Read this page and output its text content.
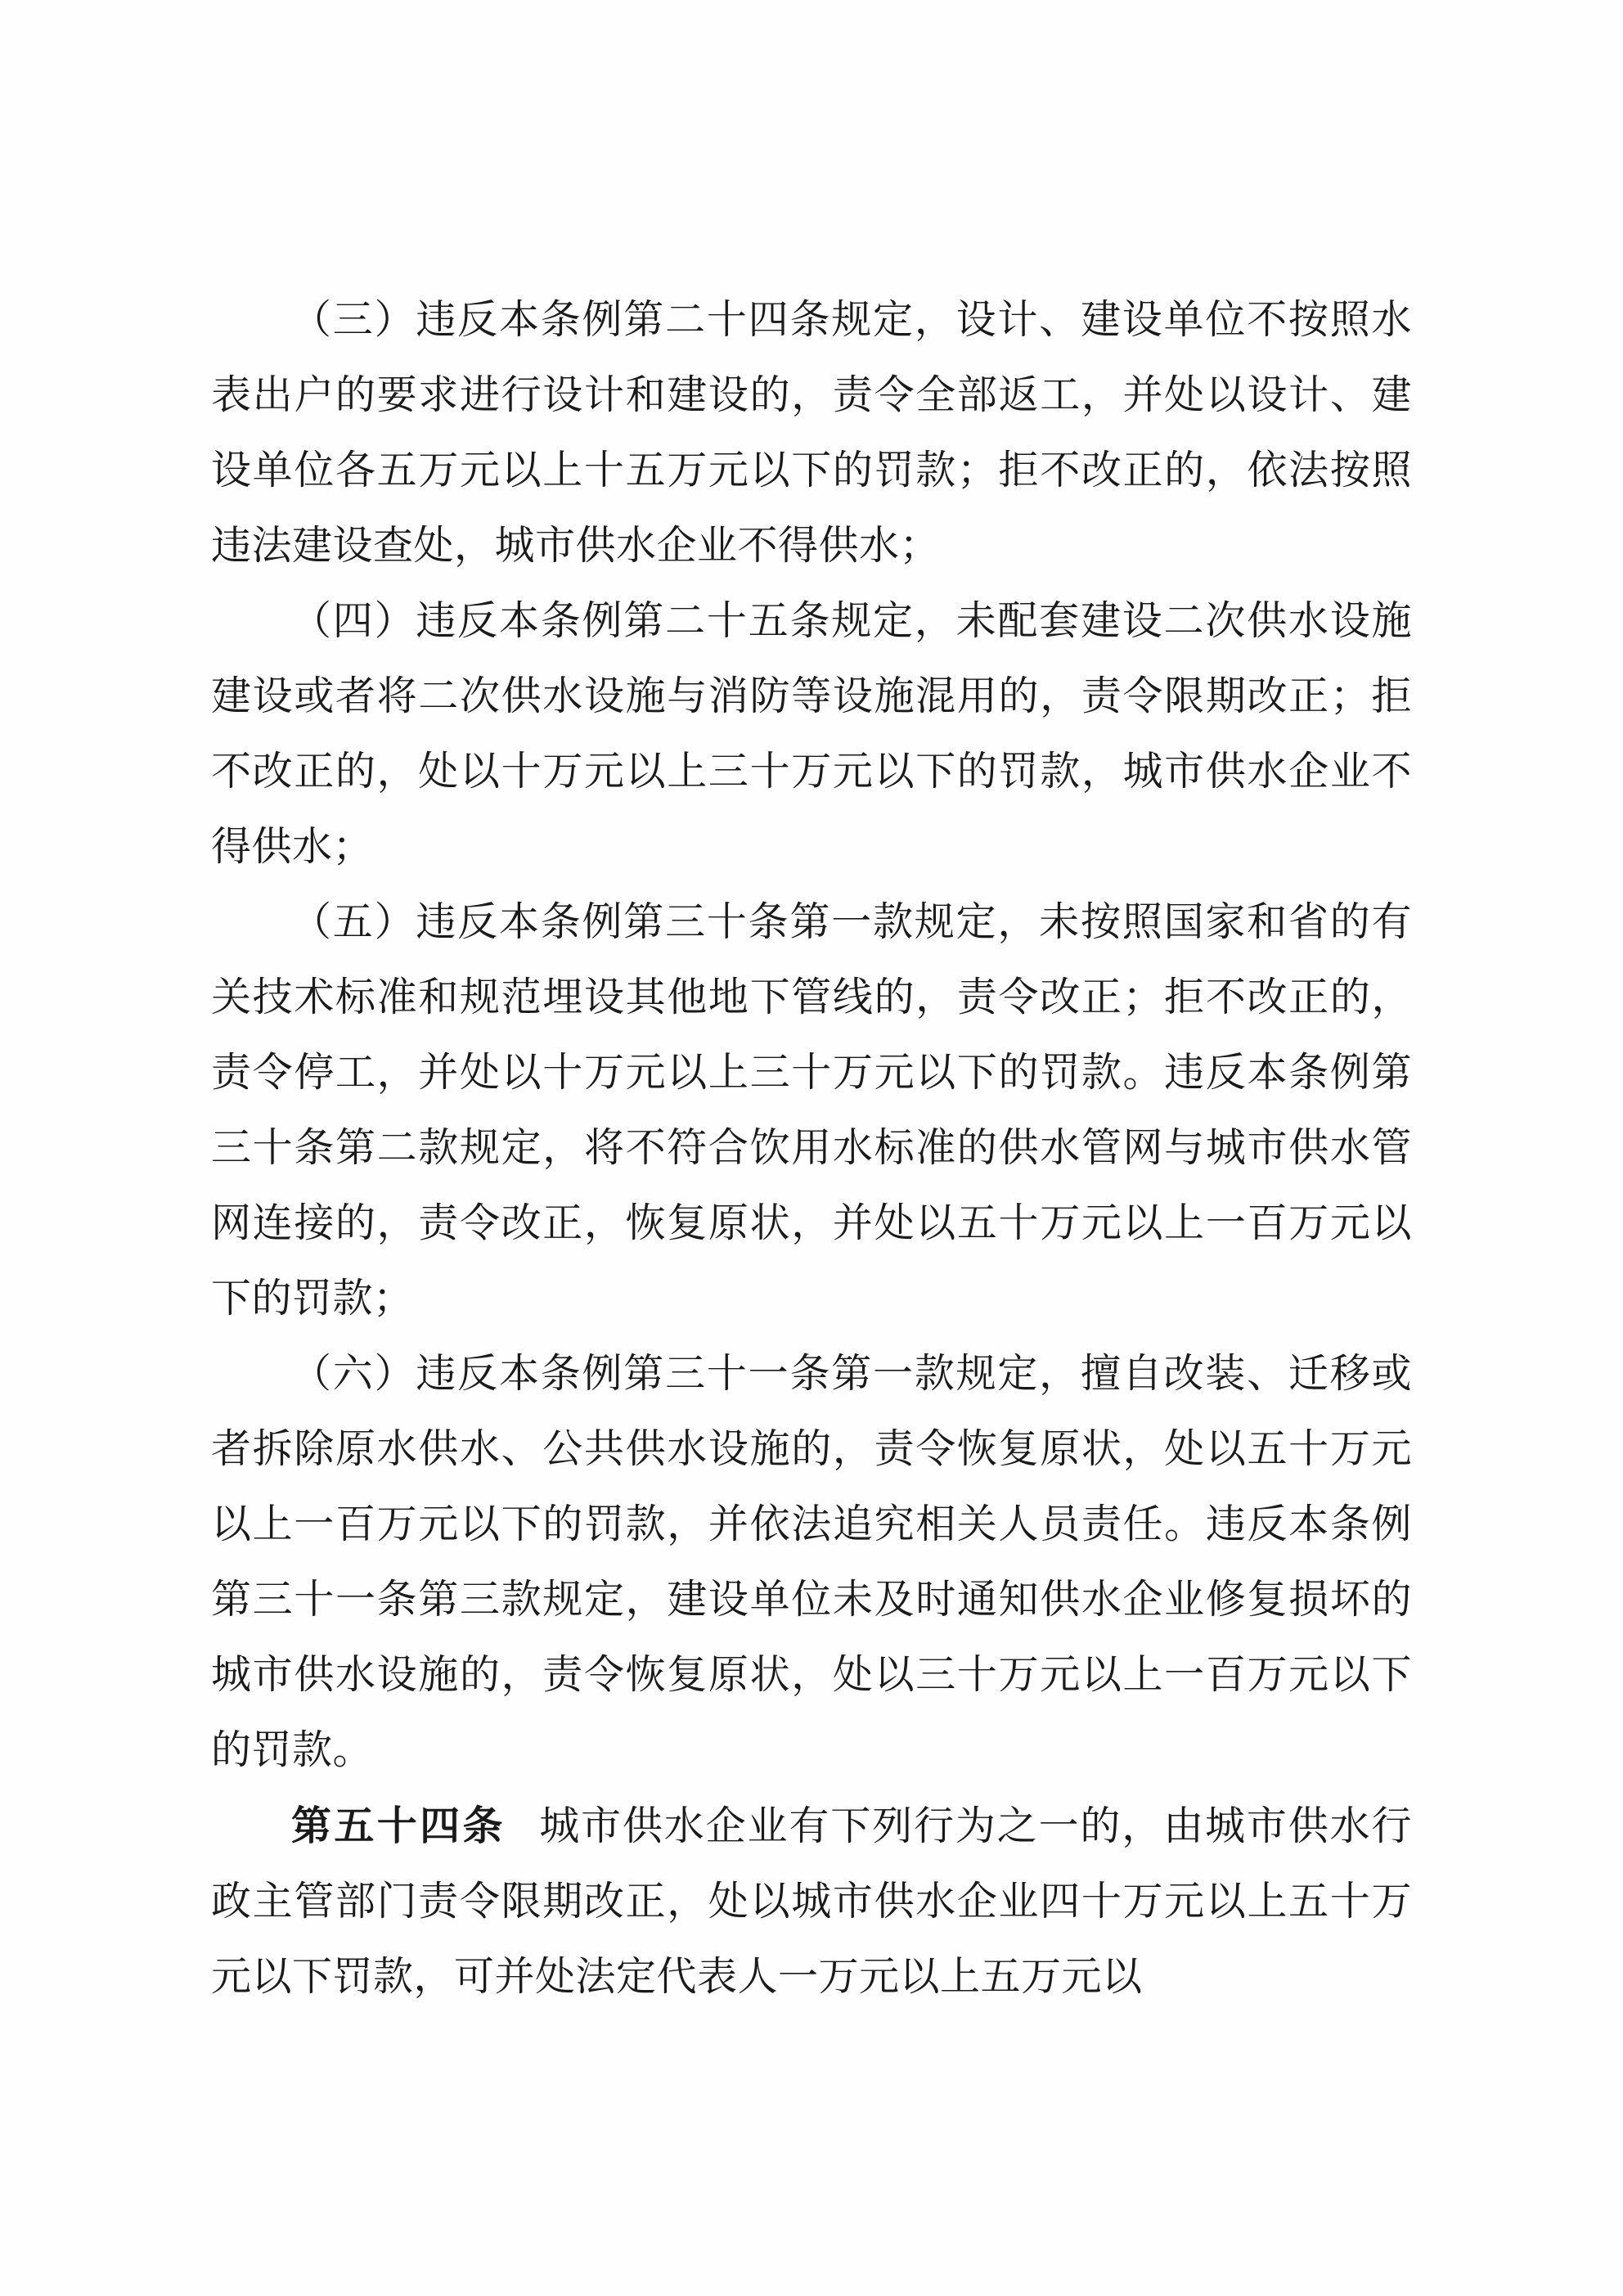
（三）违反本条例第二十四条规定，设计、建设单位不按照水表出户的要求进行设计和建设的，责令全部返工，并处以设计、建设单位各五万元以上十五万元以下的罚款；拒不改正的，依法按照违法建设查处，城市供水企业不得供水；

（四）违反本条例第二十五条规定，未配套建设二次供水设施建设或者将二次供水设施与消防等设施混用的，责令限期改正；拒不改正的，处以十万元以上三十万元以下的罚款，城市供水企业不得供水；

（五）违反本条例第三十条第一款规定，未按照国家和省的有关技术标准和规范埋设其他地下管线的，责令改正；拒不改正的，责令停工，并处以十万元以上三十万元以下的罚款。违反本条例第三十条第二款规定，将不符合饮用水标准的供水管网与城市供水管网连接的，责令改正，恢复原状，并处以五十万元以上一百万元以下的罚款；

（六）违反本条例第三十一条第一款规定，擅自改装、迁移或者拆除原水供水、公共供水设施的，责令恢复原状，处以五十万元以上一百万元以下的罚款，并依法追究相关人员责任。违反本条例第三十一条第三款规定，建设单位未及时通知供水企业修复损坏的城市供水设施的，责令恢复原状，处以三十万元以上一百万元以下的罚款。

第五十四条 城市供水企业有下列行为之一的，由城市供水行政主管部门责令限期改正，处以城市供水企业四十万元以上五十万元以下罚款，可并处法定代表人一万元以上五万元以
